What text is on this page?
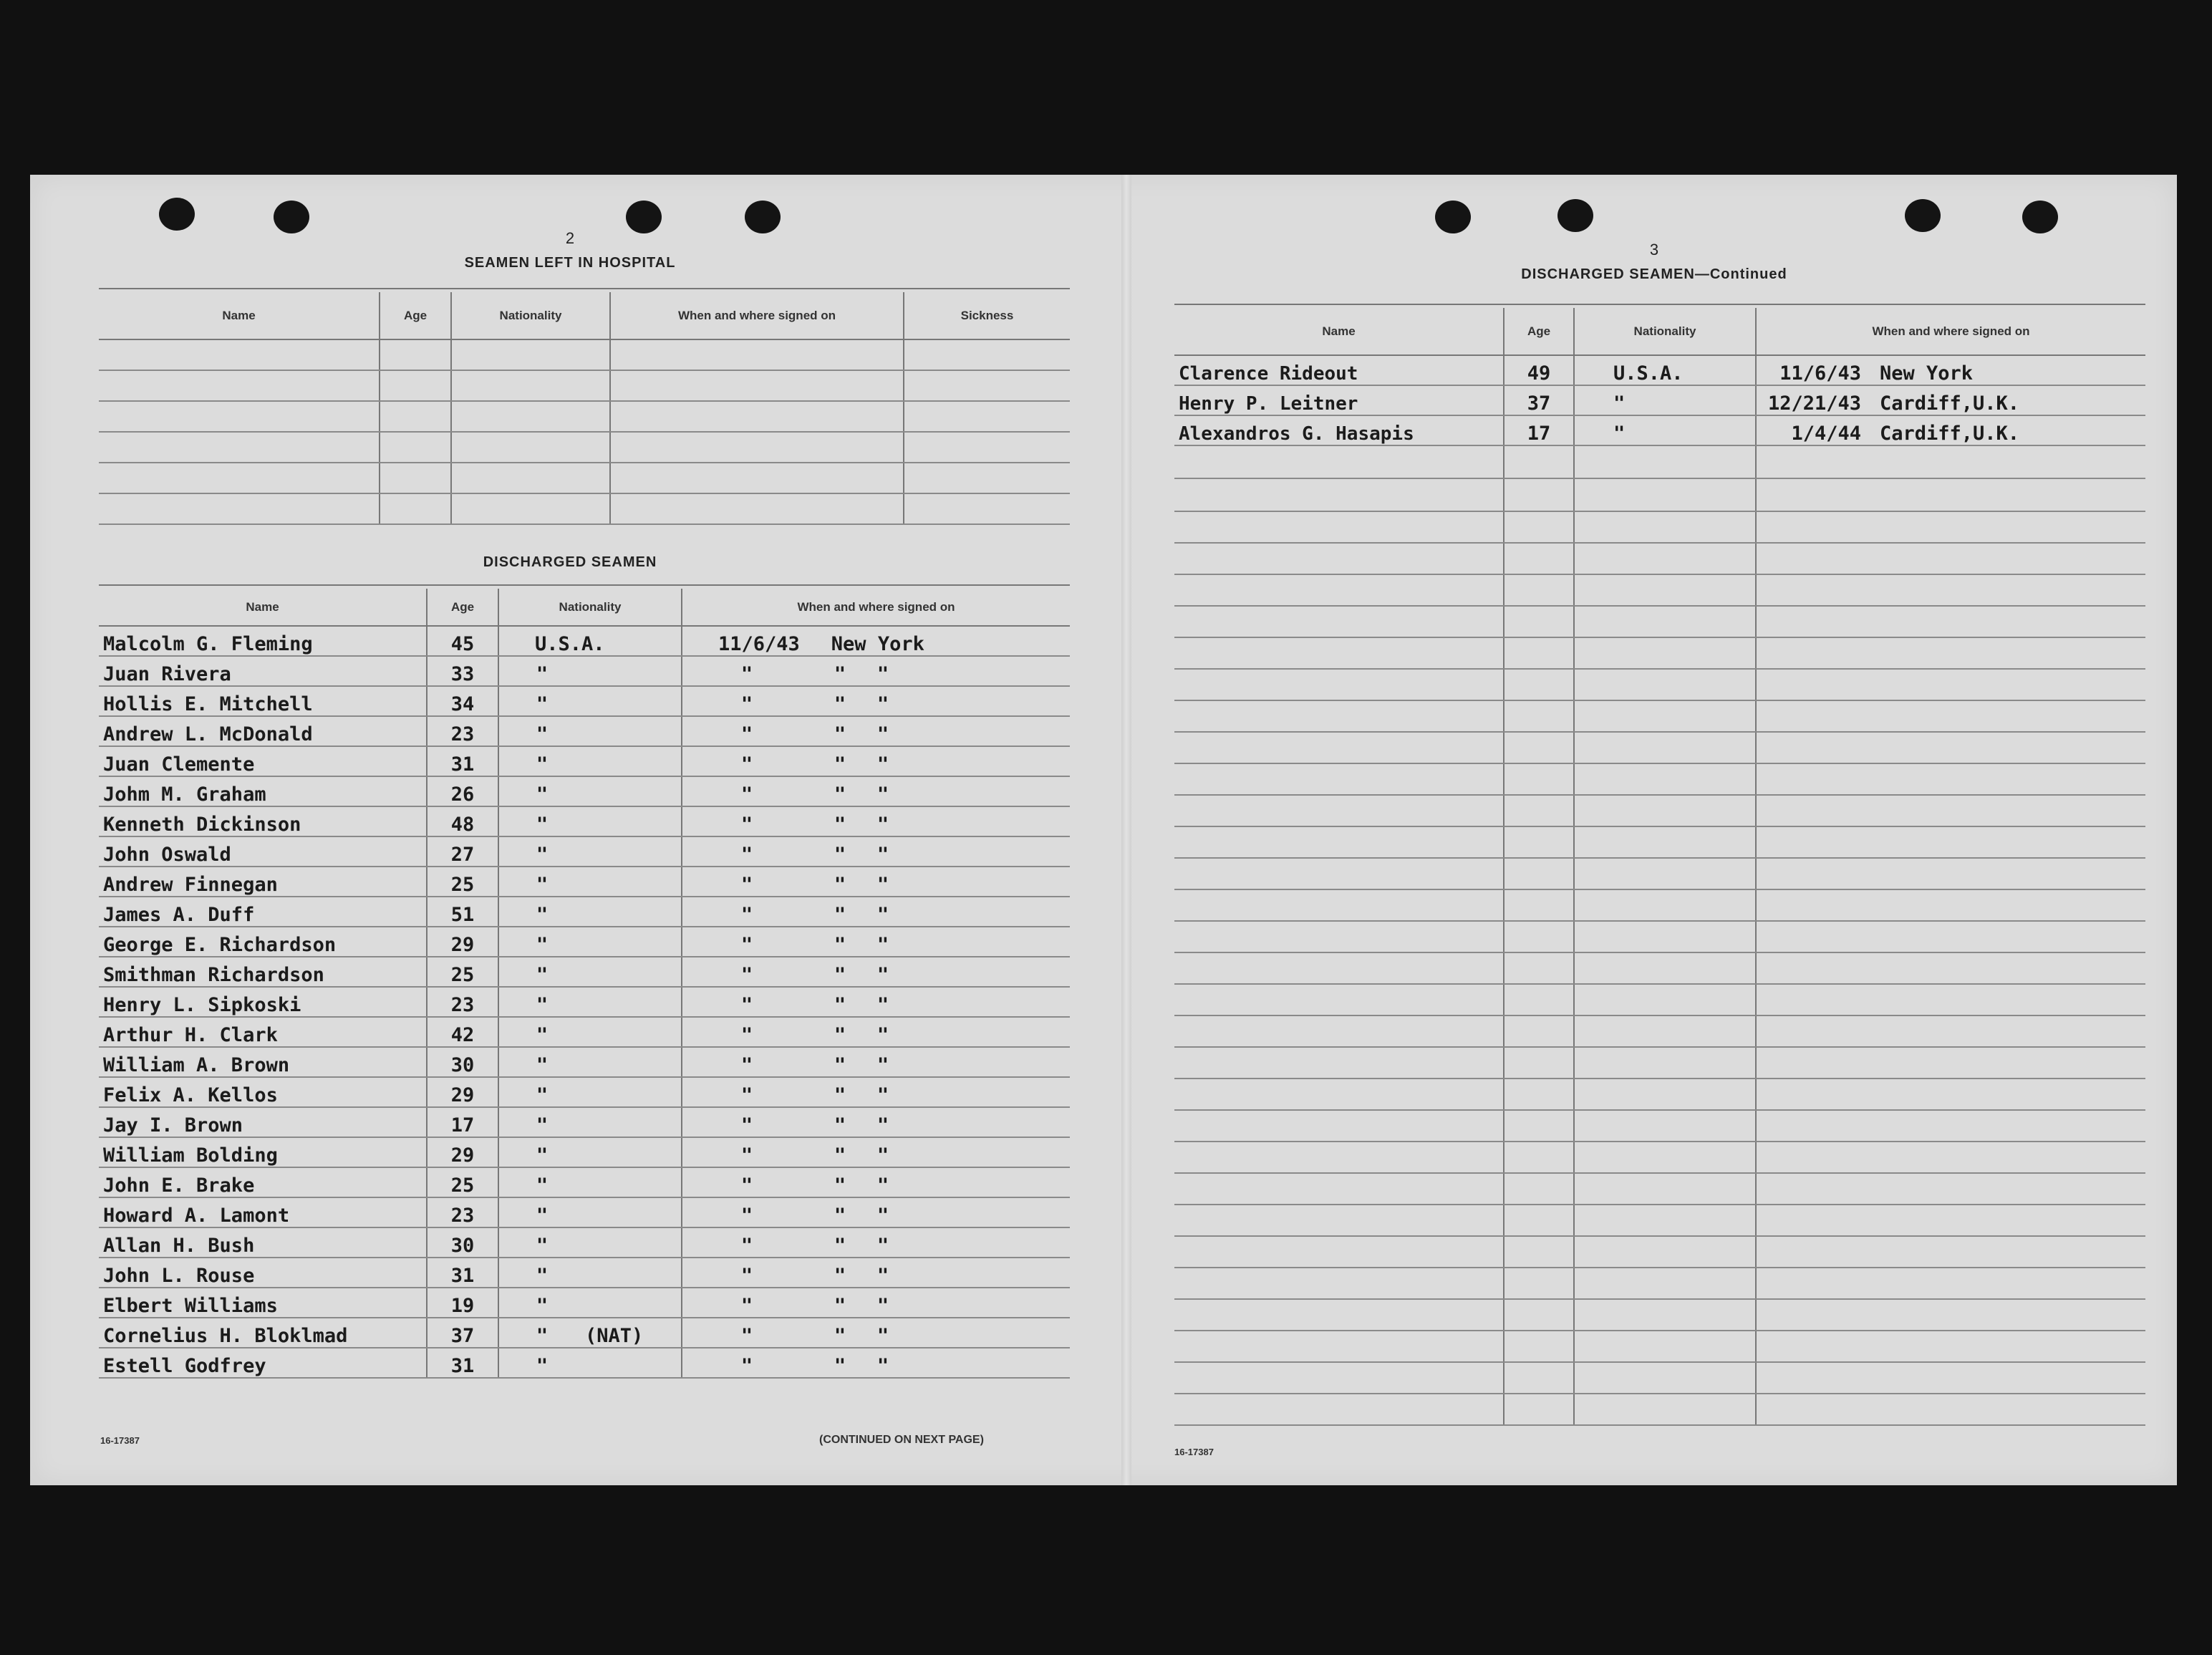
2
SEAMEN LEFT IN HOSPITAL
Name	Age	Nationality	When and where signed on	Sickness

DISCHARGED SEAMEN
Name	Age	Nationality	When and where signed on
Malcolm G. Fleming	45	U.S.A.	11/6/43 New York
Juan Rivera	33	"	" " "
Hollis E. Mitchell	34	"	" " "
Andrew L. McDonald	23	"	" " "
Juan Clemente	31	"	" " "
Johm M. Graham	26	"	" " "
Kenneth Dickinson	48	"	" " "
John Oswald	27	"	" " "
Andrew Finnegan	25	"	" " "
James A. Duff	51	"	" " "
George E. Richardson	29	"	" " "
Smithman Richardson	25	"	" " "
Henry L. Sipkoski	23	"	" " "
Arthur H. Clark	42	"	" " "
William A. Brown	30	"	" " "
Felix A. Kellos	29	"	" " "
Jay I. Brown	17	"	" " "
William Bolding	29	"	" " "
John E. Brake	25	"	" " "
Howard A. Lamont	23	"	" " "
Allan H. Bush	30	"	" " "
John L. Rouse	31	"	" " "
Elbert Williams	19	"	" " "
Cornelius H. Bloklmad	37	" (NAT)	" " "
Estell Godfrey	31	"	" " "
16-17387	(CONTINUED ON NEXT PAGE)
3
DISCHARGED SEAMEN—Continued
Name	Age	Nationality	When and where signed on
Clarence Rideout	49	U.S.A.	11/6/43 New York
Henry P. Leitner	37	"	12/21/43 Cardiff,U.K.
Alexandros G. Hasapis	17	"	1/4/44 Cardiff,U.K.

16-17387
